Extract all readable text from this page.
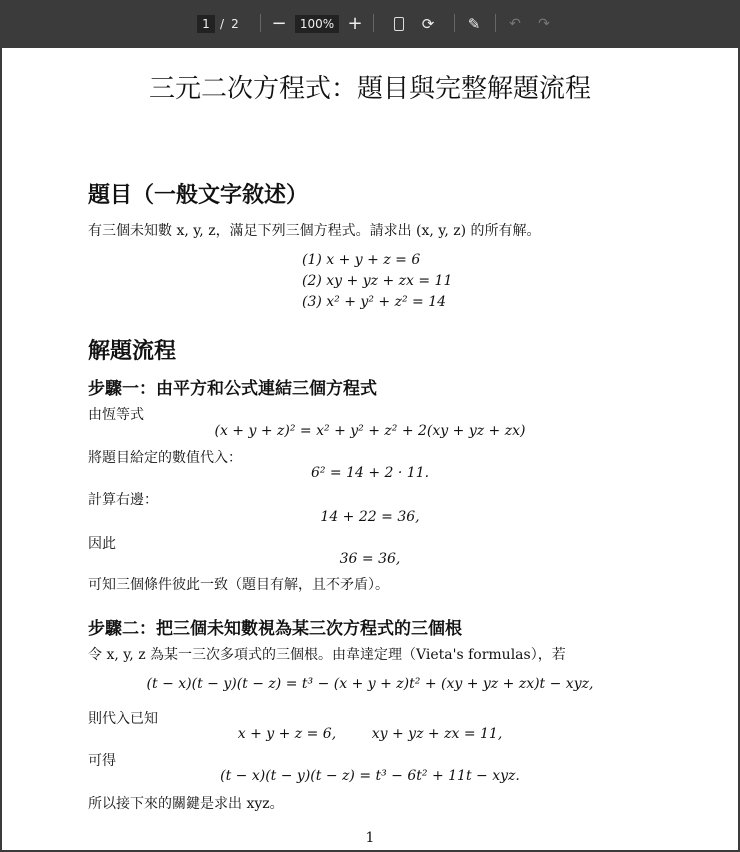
1 / 2 −	100% +	⟳ ✎ ↶ ↷
三元二次方程式：題目與完整解題流程
題目（一般文字敘述）
有三個未知數 x, y, z，滿足下列三個方程式。請求出 (x, y, z) 的所有解。
(1) x + y + z = 6
(2) xy + yz + zx = 11
(3) x² + y² + z² = 14
解題流程
步驟一：由平方和公式連結三個方程式
由恆等式
(x + y + z)² = x² + y² + z² + 2(xy + yz + zx)
將題目給定的數值代入：
6² = 14 + 2 · 11.
計算右邊：
14 + 22 = 36,
因此
36 = 36,
可知三個條件彼此一致（題目有解，且不矛盾）。
步驟二：把三個未知數視為某三次方程式的三個根
令 x, y, z 為某一三次多項式的三個根。由韋達定理（Vieta's formulas），若
(t − x)(t − y)(t − z) = t³ − (x + y + z)t² + (xy + yz + zx)t − xyz,
則代入已知
x + y + z = 6,        xy + yz + zx = 11,
可得
(t − x)(t − y)(t − z) = t³ − 6t² + 11t − xyz.
所以接下來的關鍵是求出 xyz。
1
